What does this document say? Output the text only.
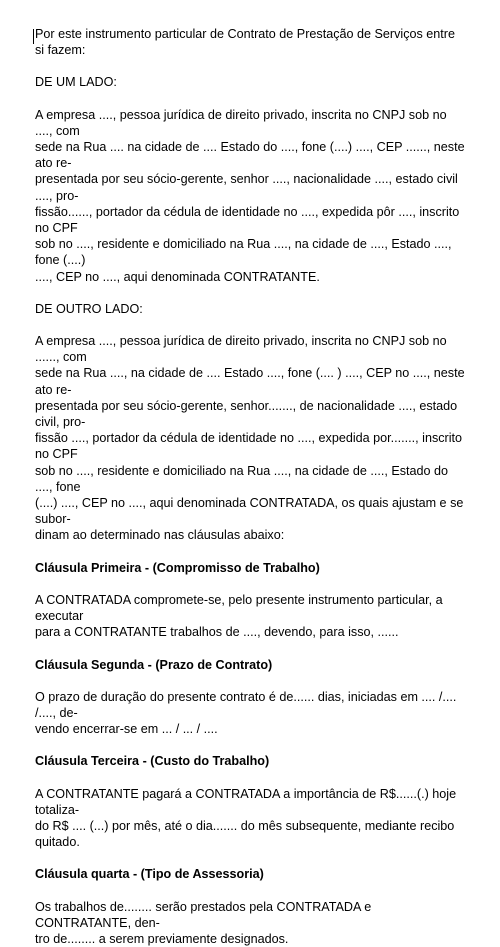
Por este instrumento particular de Contrato de Prestação de Serviços entre si fazem:

DE UM LADO:

A empresa ...., pessoa jurídica de direito privado, inscrita no CNPJ sob no ...., com
sede na Rua .... na cidade de .... Estado do ...., fone (....) ...., CEP ......, neste ato re-
presentada por seu sócio-gerente, senhor ...., nacionalidade ...., estado civil ...., pro-
fissão......, portador da cédula de identidade no ...., expedida pôr ...., inscrito no CPF
sob no ...., residente e domiciliado na Rua ...., na cidade de ...., Estado ...., fone (....)
...., CEP no ...., aqui denominada CONTRATANTE.

DE OUTRO LADO:

A empresa ...., pessoa jurídica de direito privado, inscrita no CNPJ sob no ......, com
sede na Rua ...., na cidade de .... Estado ...., fone (.... ) ...., CEP no ...., neste ato re-
presentada por seu sócio-gerente, senhor......., de nacionalidade ...., estado civil, pro-
fissão ...., portador da cédula de identidade no ...., expedida por......., inscrito no CPF
sob no ...., residente e domiciliado na Rua ...., na cidade de ...., Estado do ...., fone
(....) ...., CEP no ...., aqui denominada CONTRATADA, os quais ajustam e se subor-
dinam ao determinado nas cláusulas abaixo:

Cláusula Primeira - (Compromisso de Trabalho)

A CONTRATADA compromete-se, pelo presente instrumento particular, a executar
para a CONTRATANTE trabalhos de ...., devendo, para isso, ......

Cláusula Segunda - (Prazo de Contrato)

O prazo de duração do presente contrato é de...... dias, iniciadas em .... /.... /...., de-
vendo encerrar-se em ... / ... / ....

Cláusula Terceira - (Custo do Trabalho)

A CONTRATANTE pagará a CONTRATADA a importância de R$......(.) hoje totaliza-
do R$ .... (...) por mês, até o dia....... do mês subsequente, mediante recibo quitado.

Cláusula quarta - (Tipo de Assessoria)

Os trabalhos de........ serão prestados pela CONTRATADA e CONTRATANTE, den-
tro de........ a serem previamente designados.
